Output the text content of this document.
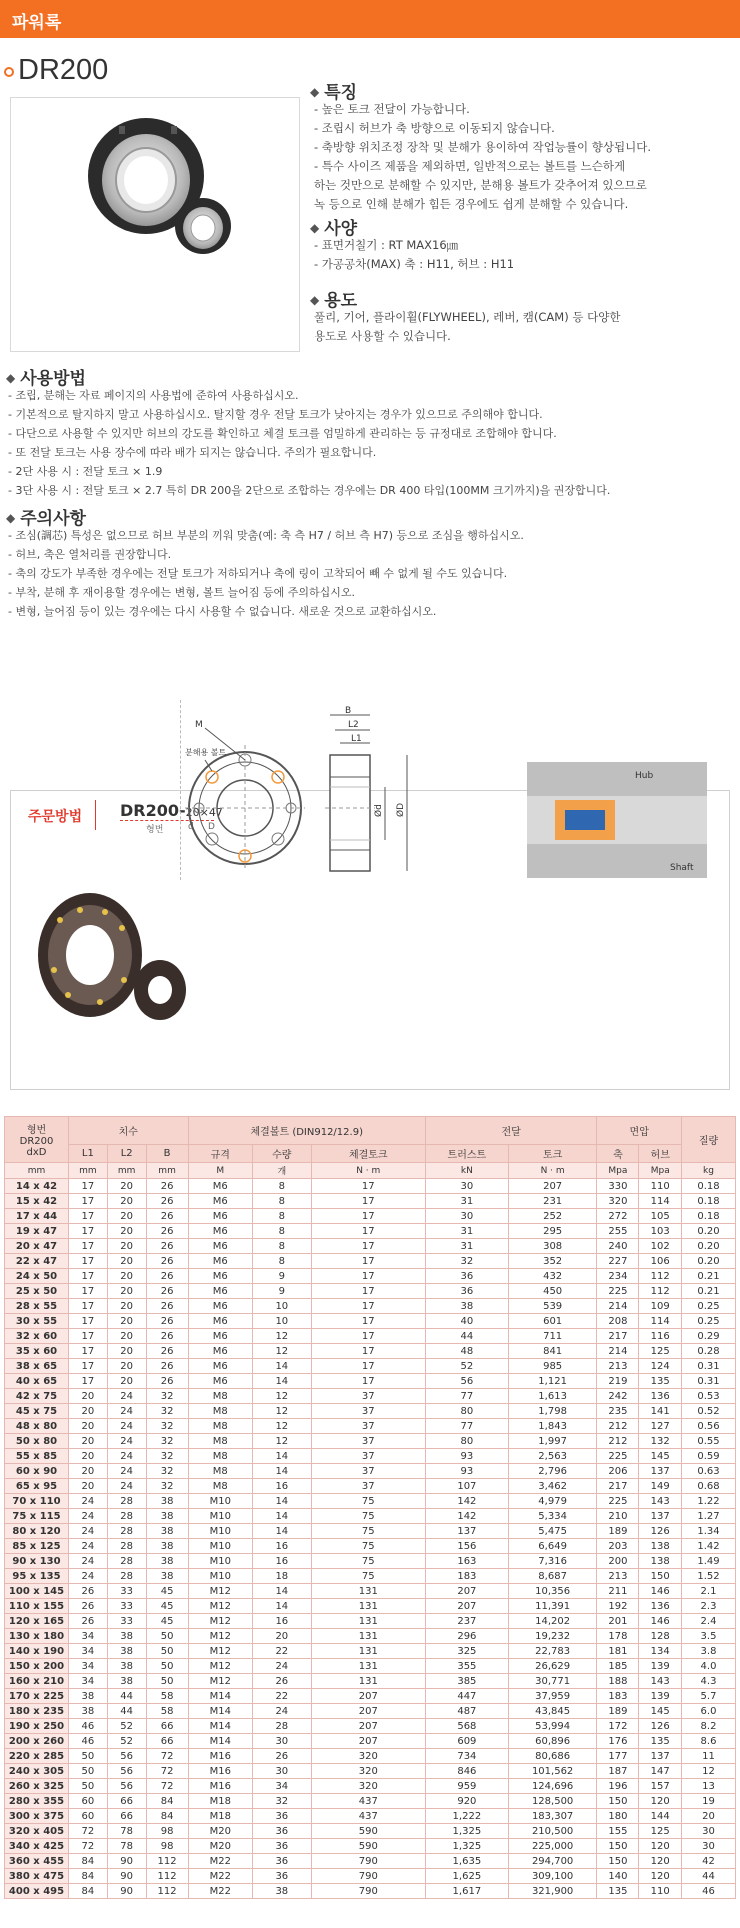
파워록
DR200
◆ 특징
- 높은 토크 전달이 가능합니다.
- 조립시 허브가 축 방향으로 이동되지 않습니다.
- 축방향 위치조정 장착 및 분해가 용이하여 작업능률이 향상됩니다.
- 특수 사이즈 제품을 제외하면, 일반적으로는 볼트를 느슨하게
하는 것만으로 분해할 수 있지만, 분해용 볼트가 갖추어져 있으므로
녹 등으로 인해 분해가 힘든 경우에도 쉽게 분해할 수 있습니다.
◆ 사양
- 표면거칠기 : RT MAX16㎛
- 가공공차(MAX) 축 : H11, 허브 : H11
◆ 용도
풀리, 기어, 플라이휠(FLYWHEEL), 레버, 캠(CAM) 등 다양한
용도로 사용할 수 있습니다.
◆ 사용방법
- 조립, 분해는 자료 페이지의 사용법에 준하여 사용하십시오.
- 기본적으로 탈지하지 말고 사용하십시오. 탈지할 경우 전달 토크가 낮아지는 경우가 있으므로 주의해야 합니다.
- 다단으로 사용할 수 있지만 허브의 강도를 확인하고 체결 토크를 엄밀하게 관리하는 등 규정대로 조합해야 합니다.
- 또 전달 토크는 사용 장수에 따라 배가 되지는 않습니다. 주의가 필요합니다.
- 2단 사용 시 : 전달 토크 × 1.9
- 3단 사용 시 : 전달 토크 × 2.7 특히 DR 200을 2단으로 조합하는 경우에는 DR 400 타입(100MM 크기까지)을 권장합니다.
◆ 주의사항
- 조심(調芯) 특성은 없으므로 허브 부분의 끼워 맞춤(예: 축 측 H7 / 허브 측 H7) 등으로 조심을 행하십시오.
- 허브, 축은 열처리를 권장합니다.
- 축의 강도가 부족한 경우에는 전달 토크가 저하되거나 축에 링이 고착되어 빼 수 없게 될 수도 있습니다.
- 부착, 분해 후 재이용할 경우에는 변형, 볼트 늘어짐 등에 주의하십시오.
- 변형, 늘어짐 등이 있는 경우에는 다시 사용할 수 없습니다. 새로운 것으로 교환하십시오.
주문방법 DR200-20×47
형번	d D
M
분해용 볼트
B
L2
L1
Ød ØD
Hub
Shaft
형번
DR200
dxD	치수			체결볼트 (DIN912/12.9)			전달		면압		질량
	L1	L2	B	규격	수량	체결토크	트러스트	토크	축	허브	
mm	mm	mm	mm	M	개	N · m	kN	N · m	Mpa	Mpa	kg
14 x 42	17	20	26	M6	8	17	30	207	330	110	0.18
15 x 42	17	20	26	M6	8	17	31	231	320	114	0.18
17 x 44	17	20	26	M6	8	17	30	252	272	105	0.18
19 x 47	17	20	26	M6	8	17	31	295	255	103	0.20
20 x 47	17	20	26	M6	8	17	31	308	240	102	0.20
22 x 47	17	20	26	M6	8	17	32	352	227	106	0.20
24 x 50	17	20	26	M6	9	17	36	432	234	112	0.21
25 x 50	17	20	26	M6	9	17	36	450	225	112	0.21
28 x 55	17	20	26	M6	10	17	38	539	214	109	0.25
30 x 55	17	20	26	M6	10	17	40	601	208	114	0.25
32 x 60	17	20	26	M6	12	17	44	711	217	116	0.29
35 x 60	17	20	26	M6	12	17	48	841	214	125	0.28
38 x 65	17	20	26	M6	14	17	52	985	213	124	0.31
40 x 65	17	20	26	M6	14	17	56	1,121	219	135	0.31
42 x 75	20	24	32	M8	12	37	77	1,613	242	136	0.53
45 x 75	20	24	32	M8	12	37	80	1,798	235	141	0.52
48 x 80	20	24	32	M8	12	37	77	1,843	212	127	0.56
50 x 80	20	24	32	M8	12	37	80	1,997	212	132	0.55
55 x 85	20	24	32	M8	14	37	93	2,563	225	145	0.59
60 x 90	20	24	32	M8	14	37	93	2,796	206	137	0.63
65 x 95	20	24	32	M8	16	37	107	3,462	217	149	0.68
70 x 110	24	28	38	M10	14	75	142	4,979	225	143	1.22
75 x 115	24	28	38	M10	14	75	142	5,334	210	137	1.27
80 x 120	24	28	38	M10	14	75	137	5,475	189	126	1.34
85 x 125	24	28	38	M10	16	75	156	6,649	203	138	1.42
90 x 130	24	28	38	M10	16	75	163	7,316	200	138	1.49
95 x 135	24	28	38	M10	18	75	183	8,687	213	150	1.52
100 x 145	26	33	45	M12	14	131	207	10,356	211	146	2.1
110 x 155	26	33	45	M12	14	131	207	11,391	192	136	2.3
120 x 165	26	33	45	M12	16	131	237	14,202	201	146	2.4
130 x 180	34	38	50	M12	20	131	296	19,232	178	128	3.5
140 x 190	34	38	50	M12	22	131	325	22,783	181	134	3.8
150 x 200	34	38	50	M12	24	131	355	26,629	185	139	4.0
160 x 210	34	38	50	M12	26	131	385	30,771	188	143	4.3
170 x 225	38	44	58	M14	22	207	447	37,959	183	139	5.7
180 x 235	38	44	58	M14	24	207	487	43,845	189	145	6.0
190 x 250	46	52	66	M14	28	207	568	53,994	172	126	8.2
200 x 260	46	52	66	M14	30	207	609	60,896	176	135	8.6
220 x 285	50	56	72	M16	26	320	734	80,686	177	137	11
240 x 305	50	56	72	M16	30	320	846	101,562	187	147	12
260 x 325	50	56	72	M16	34	320	959	124,696	196	157	13
280 x 355	60	66	84	M18	32	437	920	128,500	150	120	19
300 x 375	60	66	84	M18	36	437	1,222	183,307	180	144	20
320 x 405	72	78	98	M20	36	590	1,325	210,500	155	125	30
340 x 425	72	78	98	M20	36	590	1,325	225,000	150	120	30
360 x 455	84	90	112	M22	36	790	1,635	294,700	150	120	42
380 x 475	84	90	112	M22	36	790	1,625	309,100	140	120	44
400 x 495	84	90	112	M22	38	790	1,617	321,900	135	110	46
